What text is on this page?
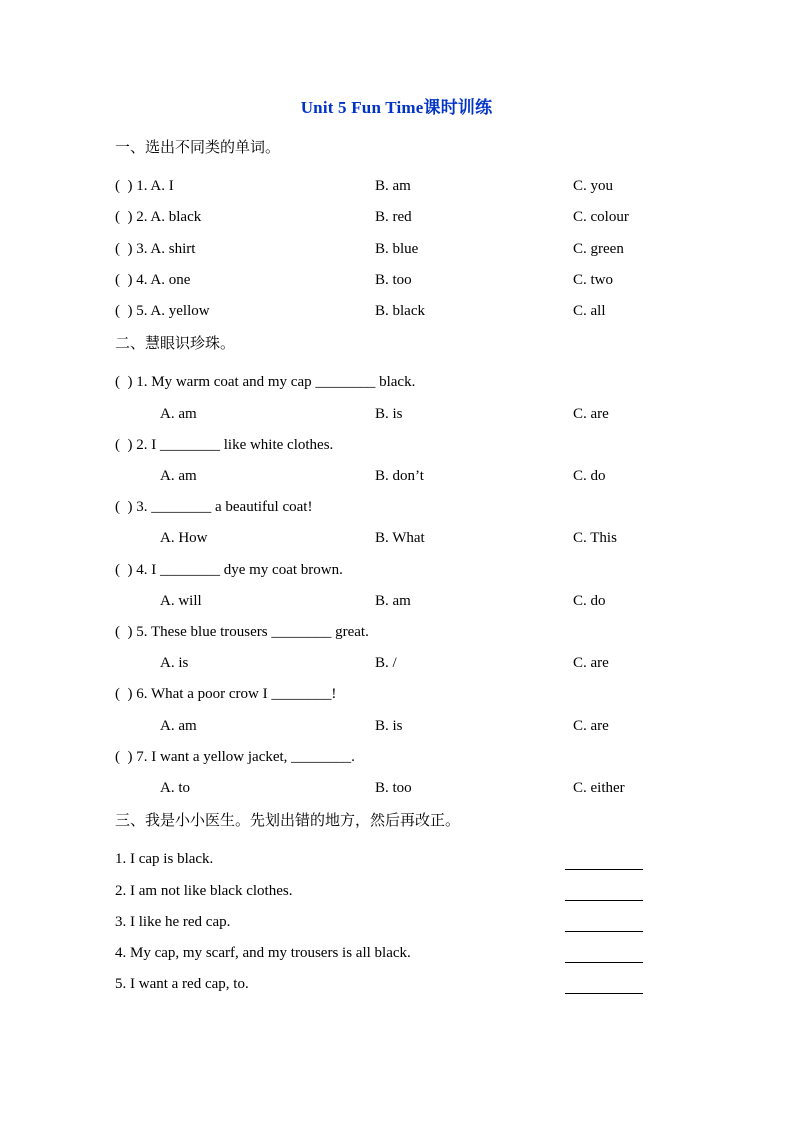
Unit 5 Fun Time课时训练
一、选出不同类的单词。
(  ) 1. A. I	B. am	C. you
(  ) 2. A. black	B. red	C. colour
(  ) 3. A. shirt	B. blue	C. green
(  ) 4. A. one	B. too	C. two
(  ) 5. A. yellow	B. black	C. all
二、慧眼识珍珠。
(  ) 1. My warm coat and my cap ________ black.
A. am	B. is	C. are
(  ) 2. I ________ like white clothes.
A. am	B. don’t	C. do
(  ) 3. ________ a beautiful coat!
A. How	B. What	C. This
(  ) 4. I ________ dye my coat brown.
A. will	B. am	C. do
(  ) 5. These blue trousers ________ great.
A. is	B. /	C. are
(  ) 6. What a poor crow I ________!
A. am	B. is	C. are
(  ) 7. I want a yellow jacket, ________.
A. to	B. too	C. either
三、我是小小医生。先划出错的地方，然后再改正。
1. I cap is black.
2. I am not like black clothes.
3. I like he red cap.
4. My cap, my scarf, and my trousers is all black.
5. I want a red cap, to.
